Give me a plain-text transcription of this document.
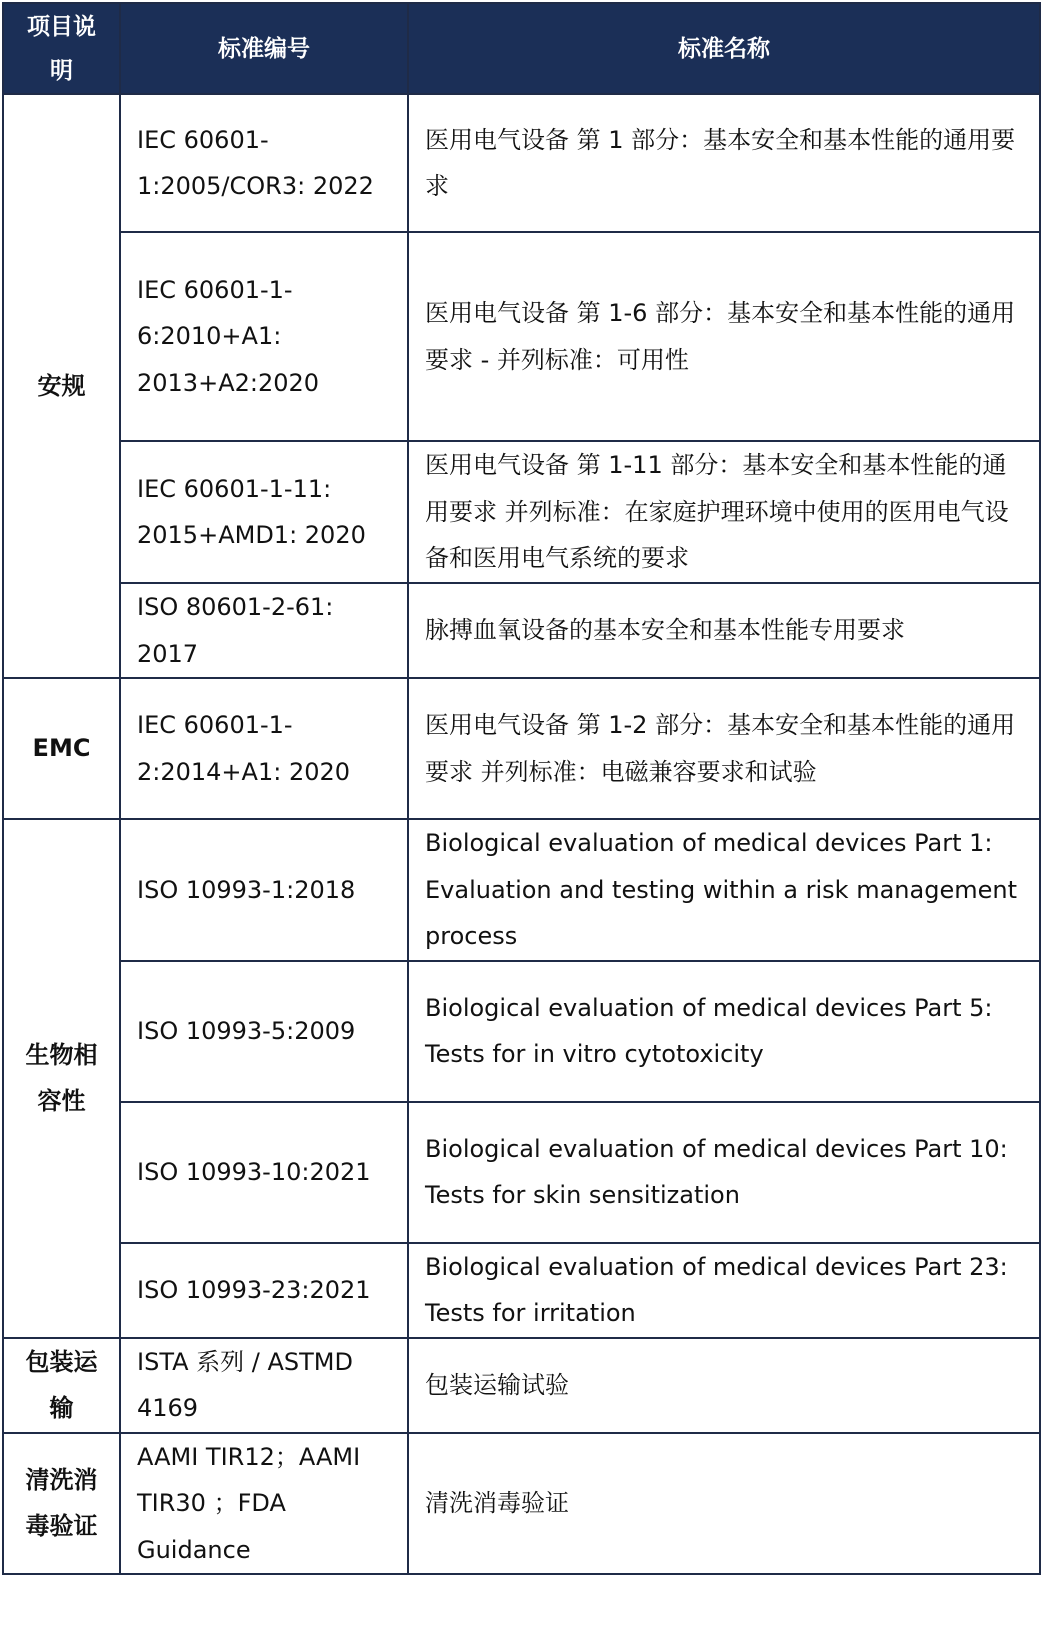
项目说明	标准编号	标准名称

安规	IEC 60601-1:2005/COR3: 2022	医用电气设备 第 1 部分：基本安全和基本性能的通用要求

	IEC 60601-1-6:2010+A1: 2013+A2:2020	医用电气设备 第 1-6 部分：基本安全和基本性能的通用要求 - 并列标准：可用性

	IEC 60601-1-11: 2015+AMD1: 2020	医用电气设备 第 1-11 部分：基本安全和基本性能的通用要求 并列标准：在家庭护理环境中使用的医用电气设备和医用电气系统的要求

	ISO 80601-2-61: 2017	脉搏血氧设备的基本安全和基本性能专用要求

EMC	IEC 60601-1-2:2014+A1: 2020	医用电气设备 第 1-2 部分：基本安全和基本性能的通用要求 并列标准：电磁兼容要求和试验

生物相容性	ISO 10993-1:2018	Biological evaluation of medical devices Part 1: Evaluation and testing within a risk management process

	ISO 10993-5:2009	Biological evaluation of medical devices Part 5: Tests for in vitro cytotoxicity

	ISO 10993-10:2021	Biological evaluation of medical devices Part 10: Tests for skin sensitization

	ISO 10993-23:2021	Biological evaluation of medical devices Part 23: Tests for irritation

包装运输	ISTA 系列 / ASTMD 4169	包装运输试验

清洗消毒验证	AAMI TIR12；AAMI TIR30 ；FDA Guidance	清洗消毒验证
